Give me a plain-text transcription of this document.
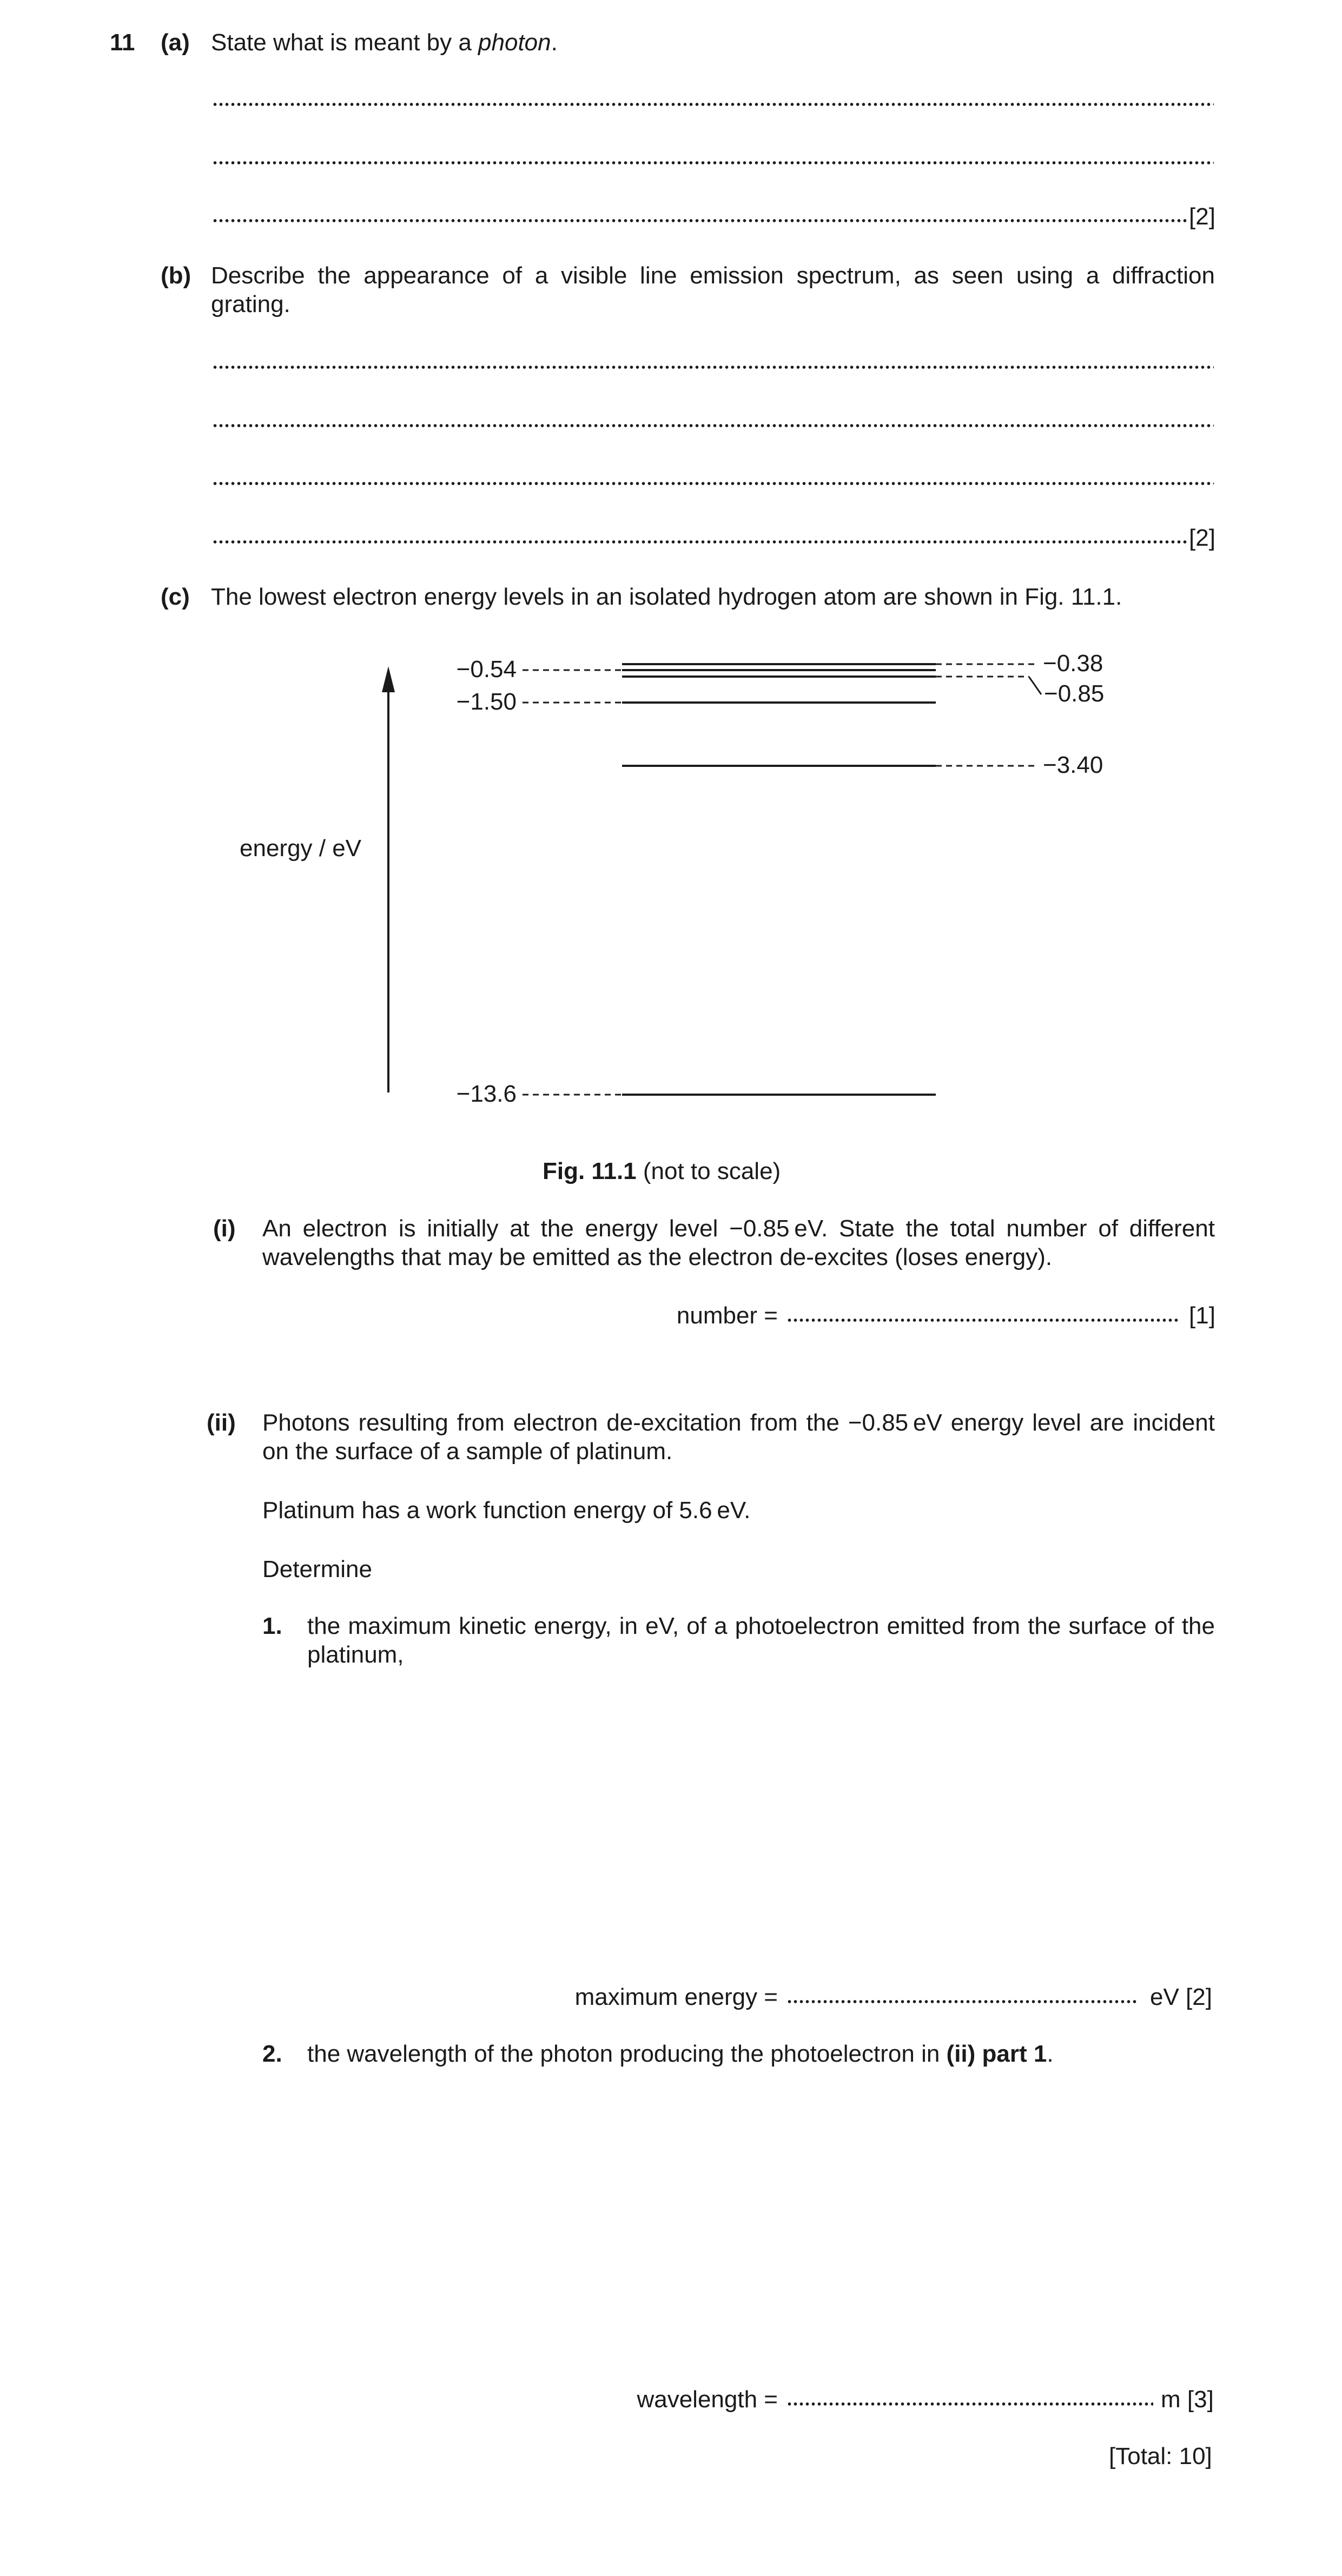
11 (a) State what is meant by a photon.
[2]
(b) Describe the appearance of a visible line emission spectrum, as seen using a diffraction grating.
[2]
(c) The lowest electron energy levels in an isolated hydrogen atom are shown in Fig. 11.1.
−0.54
−1.50
−13.6
−0.38
−0.85
−3.40
energy / eV
Fig. 11.1 (not to scale)
(i) An electron is initially at the energy level −0.85 eV. State the total number of different wavelengths that may be emitted as the electron de-excites (loses energy).
number =	[1]
(ii) Photons resulting from electron de-excitation from the −0.85 eV energy level are incident on the surface of a sample of platinum.
Platinum has a work function energy of 5.6 eV.
Determine
1. the maximum kinetic energy, in eV, of a photoelectron emitted from the surface of the platinum,
maximum energy =	eV [2]
2. the wavelength of the photon producing the photoelectron in (ii) part 1.
wavelength =	m [3]
[Total: 10]
